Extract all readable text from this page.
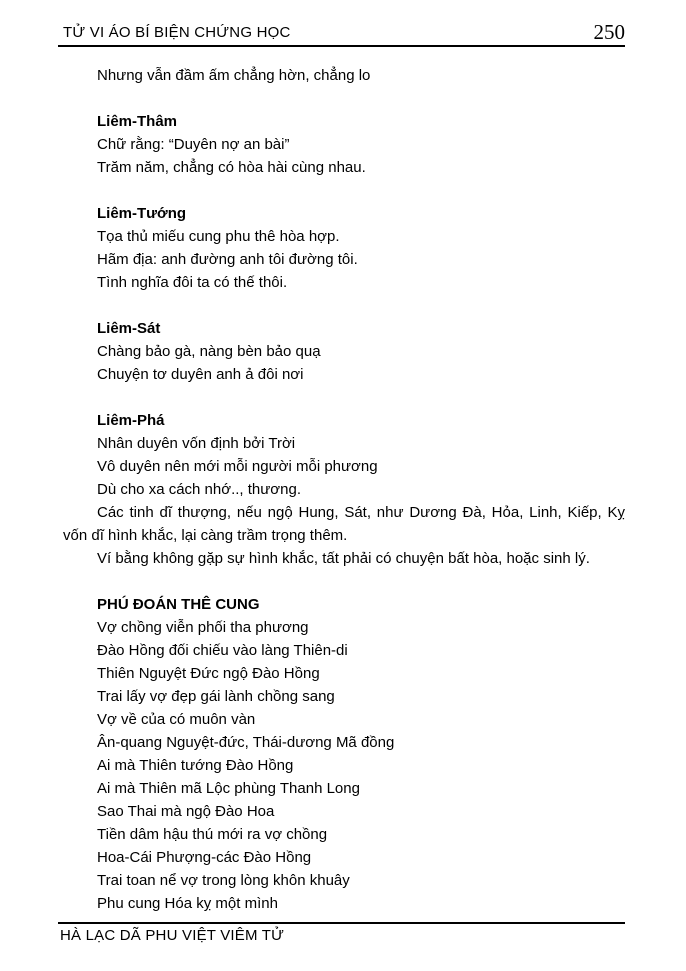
TỬ VI ÁO BÍ BIỆN CHỨNG HỌC	250
Nhưng vẫn đầm ấm chẳng hờn, chẳng lo
Liêm-Thâm
Chữ rằng: “Duyên nợ an bài”
Trăm năm, chẳng có hòa hài cùng nhau.
Liêm-Tướng
Tọa thủ miếu cung phu thê hòa hợp.
Hãm địa: anh đường anh tôi đường tôi.
Tình nghĩa đôi ta có thế thôi.
Liêm-Sát
Chàng bảo gà, nàng bèn bảo quạ
Chuyện tơ duyên anh ả đôi nơi
Liêm-Phá
Nhân duyên vốn định bởi Trời
Vô duyên nên mới mỗi người mỗi phương
Dù cho xa cách nhớ.., thương.
Các tinh dĩ thượng, nếu ngộ Hung, Sát, như Dương Đà, Hỏa, Linh, Kiếp, Kỵ vốn dĩ hình khắc, lại càng trầm trọng thêm.
Ví bằng không gặp sự hình khắc, tất phải có chuyện bất hòa, hoặc sinh lý.
PHÚ ĐOÁN THÊ CUNG
Vợ chồng viễn phối tha phương
Đào Hồng đối chiếu vào làng Thiên-di
Thiên Nguyệt Đức ngộ Đào Hồng
Trai lấy vợ đẹp gái lành chồng sang
Vợ về của có muôn vàn
Ân-quang Nguyệt-đức, Thái-dương Mã đồng
Ai mà Thiên tướng Đào Hồng
Ai mà Thiên mã Lộc phùng Thanh Long
Sao Thai mà ngộ Đào Hoa
Tiền dâm hậu thú mới ra vợ chồng
Hoa-Cái Phượng-các Đào Hồng
Trai toan nể vợ trong lòng khôn khuây
Phu cung Hóa kỵ một mình
HÀ LẠC DÃ PHU VIỆT VIÊM TỬ
